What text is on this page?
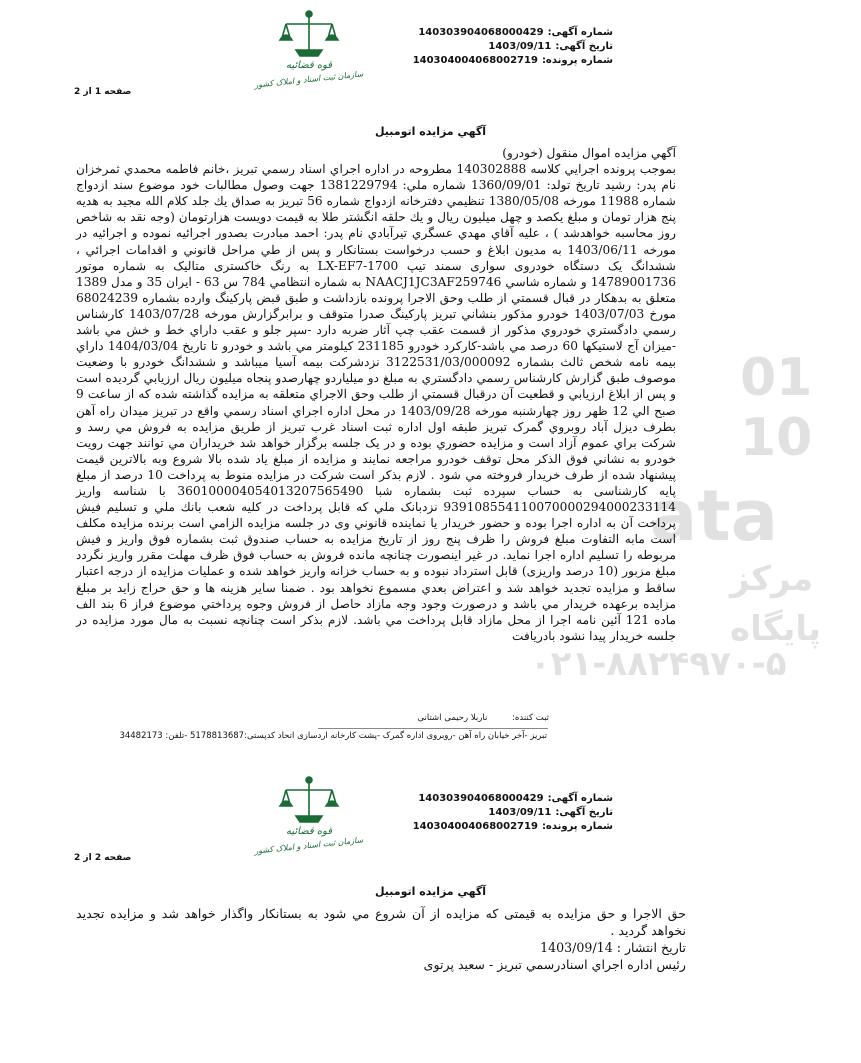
01
10
ata
مرکز
پایگاه
۰۲۱-۸۸۲۴۹۷۰-۵
شماره آگهی:140303904068000429
تاریخ آگهی:1403/09/11
شماره پرونده:140304004068002719
قوه قضائیه
سازمان ثبت اسناد و املاک کشور
صفحه 1 از 2
آگهي مزايده اتومبيل

آگهي مزايده اموال منقول (خودرو)

بموجب پرونده اجرايي کلاسه 140302888 مطروحه در اداره اجراي اسناد رسمي تبريز ،خانم فاطمه محمدي ثمرخزان نام پدر: رشيد تاريخ تولد: 1360/09/01 شماره ملي: 1381229794 جهت وصول مطالبات خود موضوع سند ازدواج شماره 11988 مورخه 1380/05/08 تنظيمي دفترخانه ازدواج شماره 56 تبريز به صداق يك جلد كلام الله مجيد به هديه پنج هزار تومان و مبلغ يكصد و چهل ميليون ريال و يك حلقه انگشتر طلا به قيمت دويست هزارتومان (وجه نقد به شاخص روز محاسبه خواهدشد ) ، عليه آقاي مهدي عسگري تيرآبادي نام پدر: احمد مبادرت بصدور اجرائيه نموده و اجرائيه در مورخه 1403/06/11 به مديون ابلاغ و حسب درخواست بستانكار و پس از طي مراحل قانوني و اقدامات اجرائي ، ششدانگ يک دستگاه خودروی سواری سمند تیپ LX-EF7-1700 به رنگ خاکستری متالیک به شماره موتور 14789001736 و شماره شاسي NAACJ1JC3AF259746 به شماره انتظامي 784 س 63 - ايران 35 و مدل 1389 متعلق به بدهکار در قبال قسمتي از طلب وحق الاجرا پرونده بازداشت و طبق قبض پارکينگ وارده بشماره 68024239 مورخ 1403/07/03 خودرو مذکور بنشاني تبريز پارکينگ صدرا متوقف و برابرگزارش مورخه 1403/07/28 کارشناس رسمي دادگستري خودروي مذکور از قسمت عقب چپ آثار ضربه دارد -سپر جلو و عقب داراي خط و خش مي باشد -ميزان آج لاستيکها 60 درصد مي باشد-کارکرد خودرو 231185 کيلومتر مي باشد و خودرو تا تاريخ 1404/03/04 داراي بيمه نامه شخص ثالث بشماره 3122531/03/000092 نزدشرکت بيمه آسيا ميباشد و ششدانگ خودرو با وضعيت موصوف طبق گزارش کارشناس رسمي دادگستري به مبلغ دو ميلياردو چهارصدو پنجاه ميليون ريال ارزيابي گرديده است و پس از ابلاغ ارزيابي و قطعيت آن درقبال قسمتي از طلب وحق الاجراي متعلقه به مزايده گذاشته شده که از ساعت 9 صبح الي 12 ظهر روز چهارشنبه مورخه 1403/09/28 در محل اداره اجراي اسناد رسمي واقع در تبريز ميدان راه آهن بطرف ديزل آباد روبروي گمرک تبريز طبقه اول اداره ثبت اسناد غرب تبريز از طريق مزايده به فروش مي رسد و شرکت براي عموم آزاد است و مزايده حضوري بوده و در يک جلسه برگزار خواهد شد خريداران مي توانند جهت رويت خودرو به نشاني فوق الذکر محل توقف خودرو مراجعه نمايند و مزايده از مبلغ ياد شده بالا شروع وبه بالاترين قيمت پيشنهاد شده از طرف خريدار فروخته مي شود . لازم بذكر است شركت در مزايده منوط به پرداخت 10 درصد از مبلغ پايه کارشناسی به حساب سپرده ثبت بشماره شبا 360100004054013207565490 با شناسه واريز 939108554110070000294000233114 نزدبانک ملي که قابل پرداخت در کليه شعب بانك ملي و تسليم فيش پرداخت آن به اداره اجرا بوده و حضور خريدار يا نماينده قانوني وی در جلسه مزايده الزامي است برنده مزايده مكلف است مابه التفاوت مبلغ فروش را ظرف پنج روز از تاريخ مزايده به حساب صندوق ثبت بشماره فوق واريز و فيش مربوطه را تسليم اداره اجرا نمايد. در غير اينصورت چنانچه مانده فروش به حساب فوق ظرف مهلت مقرر واريز نگردد مبلغ مزبور (10 درصد واريزی) قابل استرداد نبوده و به حساب خزانه واريز خواهد شده و عمليات مزايده از درجه اعتبار ساقط و مزايده تجديد خواهد شد و اعتراض بعدي مسموع نخواهد بود . ضمنا ساير هزينه ها و حق حراج زايد بر مبلغ مزايده برعهده خريدار مي باشد و درصورت وجود وجه مازاد حاصل از فروش وجوه پرداختي موضوع فراز 6 بند الف ماده 121 آئين نامه اجرا از محل مازاد قابل پرداخت مي باشد. لازم بذكر است چنانچه نسبت به مال مورد مزايده در جلسه خريدار پيدا نشود بادريافت

ثبت کننده: ناربلا رحيمی اشتانی
تبریز -آخر خیابان راه آهن -روبروی اداره گمرک -پشت کارخانه اردسازی اتحاد کدپستی:5178813687 -تلفن: 34482173
شماره آگهی:140303904068000429
تاریخ آگهی:1403/09/11
شماره پرونده:140304004068002719
قوه قضائیه
سازمان ثبت اسناد و املاک کشور
صفحه 2 از 2
آگهي مزايده اتومبيل

حق الاجرا و حق مزايده به قيمتی كه مزايده از آن شروع مي شود به بستانكار واگذار خواهد شد و مزايده تجديد نخواهد گرديد .

تاريخ انتشار : 1403/09/14

رئيس اداره اجراي اسنادرسمي تبريز - سعيد پرتوی
